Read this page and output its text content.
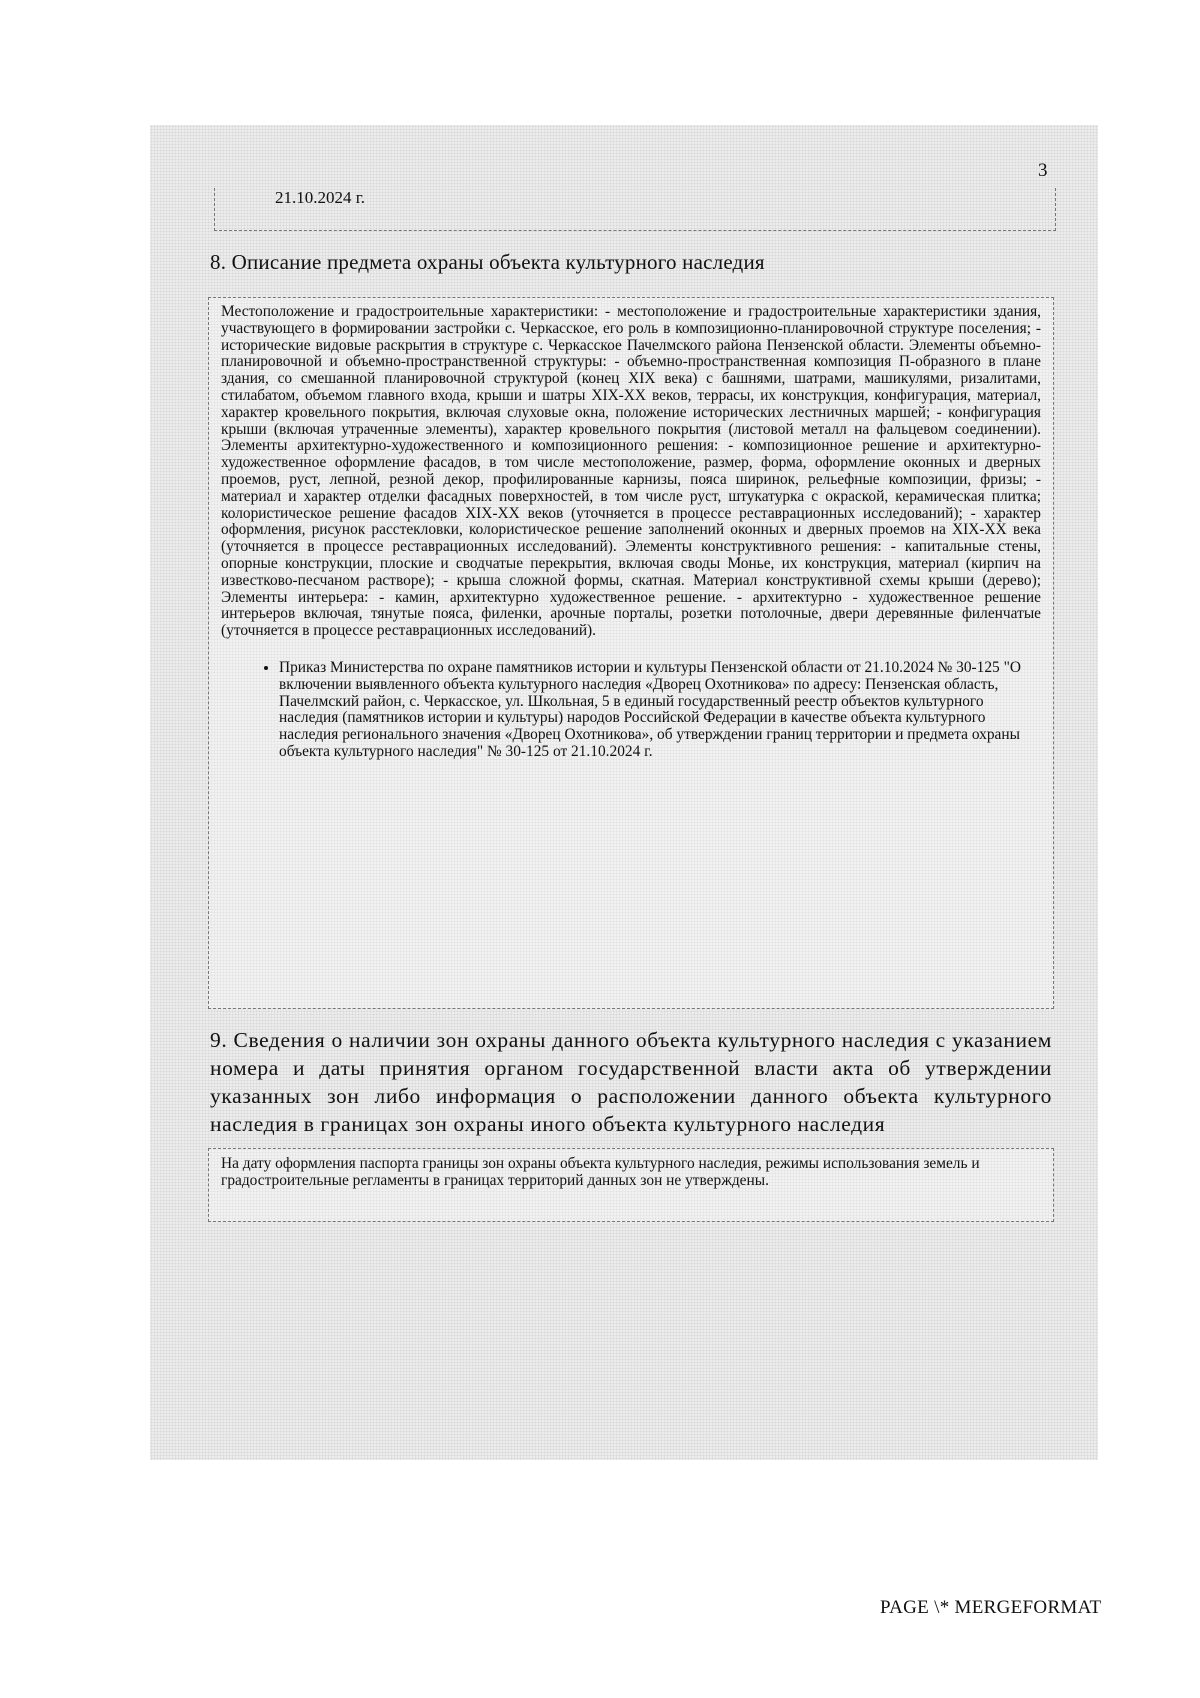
3
21.10.2024 г.
8. Описание предмета охраны объекта культурного наследия

Местоположение и градостроительные характеристики: - местоположение и градостроительные характеристики здания, участвующего в формировании застройки с. Черкасское, его роль в композиционно-планировочной структуре поселения; - исторические видовые раскрытия в структуре с. Черкасское Пачелмского района Пензенской области. Элементы объемно-планировочной и объемно-пространственной структуры: - объемно-пространственная композиция П-образного в плане здания, со смешанной планировочной структурой (конец XIX века) с башнями, шатрами, машикулями, ризалитами, стилабатом, объемом главного входа, крыши и шатры XIX-XX веков, террасы, их конструкция, конфигурация, материал, характер кровельного покрытия, включая слуховые окна, положение исторических лестничных маршей; - конфигурация крыши (включая утраченные элементы), характер кровельного покрытия (листовой металл на фальцевом соединении). Элементы архитектурно-художественного и композиционного решения: - композиционное решение и архитектурно-художественное оформление фасадов, в том числе местоположение, размер, форма, оформление оконных и дверных проемов, руст, лепной, резной декор, профилированные карнизы, пояса ширинок, рельефные композиции, фризы; - материал и характер отделки фасадных поверхностей, в том числе руст, штукатурка с окраской, керамическая плитка; колористическое решение фасадов XIX-XX веков (уточняется в процессе реставрационных исследований); - характер оформления, рисунок расстекловки, колористическое решение заполнений оконных и дверных проемов на XIX-XX века (уточняется в процессе реставрационных исследований). Элементы конструктивного решения: - капитальные стены, опорные конструкции, плоские и сводчатые перекрытия, включая своды Монье, их конструкция, материал (кирпич на известково-песчаном растворе); - крыша сложной формы, скатная. Материал конструктивной схемы крыши (дерево); Элементы интерьера: - камин, архитектурно художественное решение. - архитектурно - художественное решение интерьеров включая, тянутые пояса, филенки, арочные порталы, розетки потолочные, двери деревянные филенчатые (уточняется в процессе реставрационных исследований).

• Приказ Министерства по охране памятников истории и культуры Пензенской области от 21.10.2024 № 30-125 "О включении выявленного объекта культурного наследия «Дворец Охотникова» по адресу: Пензенская область, Пачелмский район, с. Черкасское, ул. Школьная, 5 в единый государственный реестр объектов культурного наследия (памятников истории и культуры) народов Российской Федерации в качестве объекта культурного наследия регионального значения «Дворец Охотникова», об утверждении границ территории и предмета охраны объекта культурного наследия" № 30-125 от 21.10.2024 г.

9. Сведения о наличии зон охраны данного объекта культурного наследия с указанием номера и даты принятия органом государственной власти акта об утверждении указанных зон либо информация о расположении данного объекта культурного наследия в границах зон охраны иного объекта культурного наследия

На дату оформления паспорта границы зон охраны объекта культурного наследия, режимы использования земель и градостроительные регламенты в границах территорий данных зон не утверждены.

PAGE \* MERGEFORMAT
